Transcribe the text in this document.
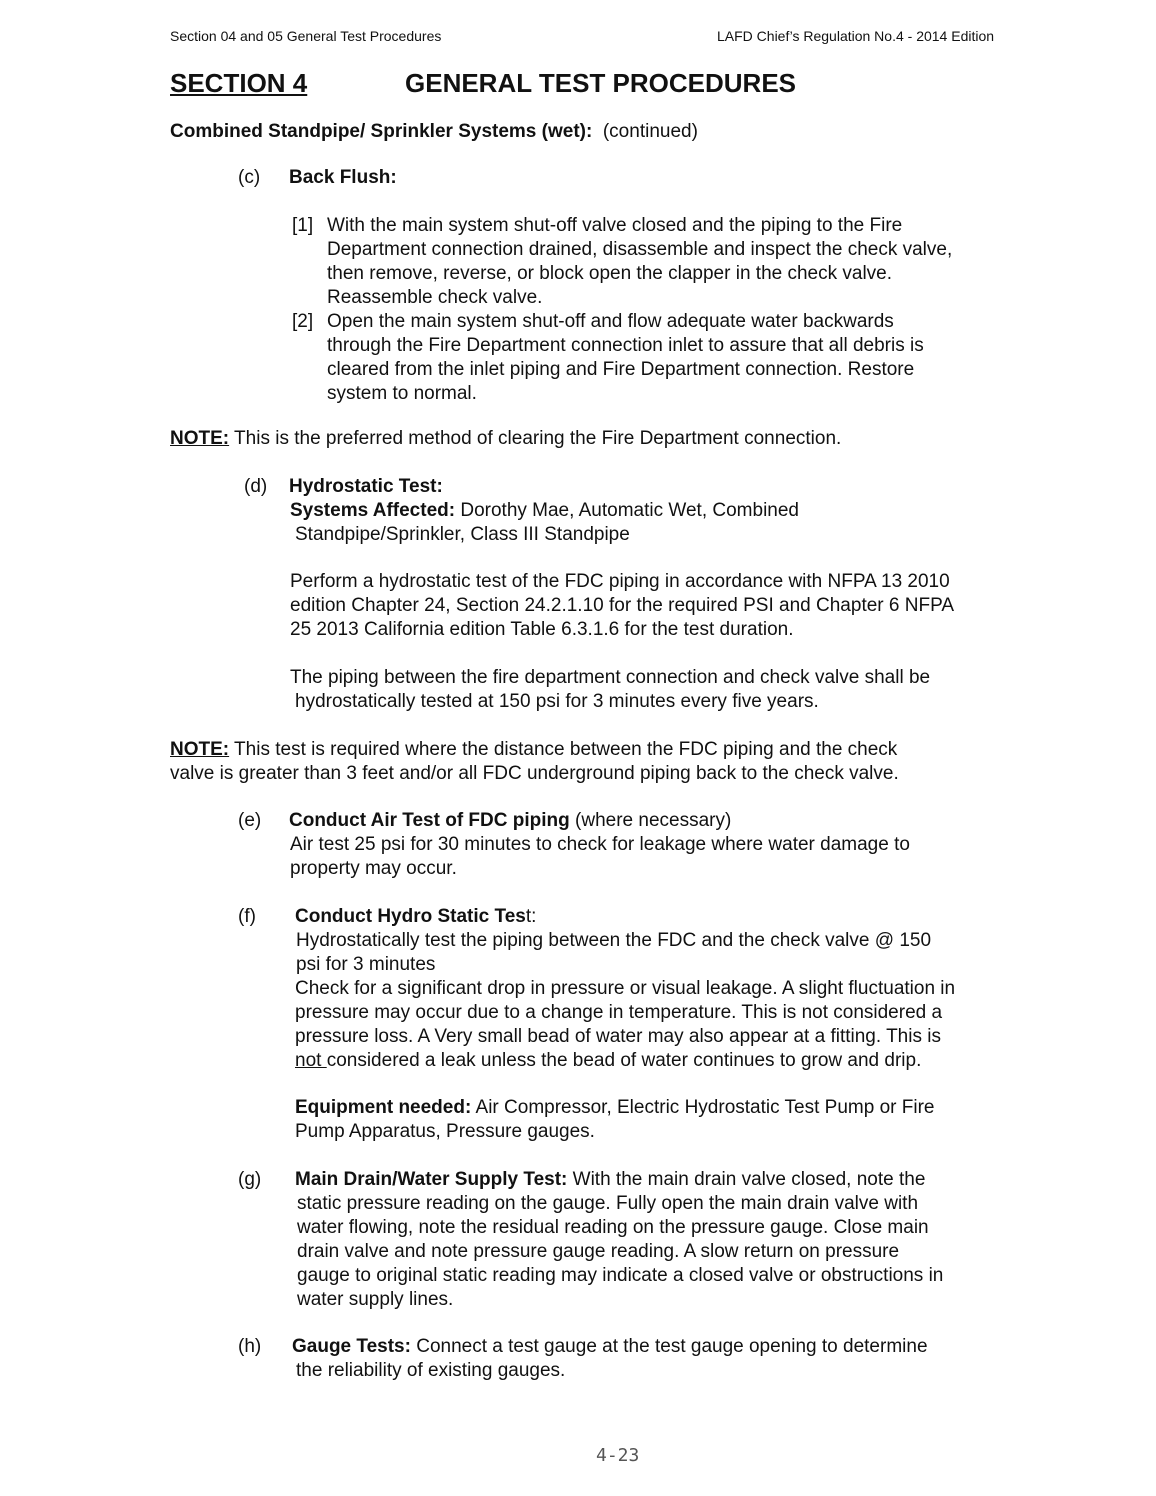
Section 04 and 05 General Test Procedures	LAFD Chief’s Regulation No.4 - 2014 Edition
SECTION 4	GENERAL TEST PROCEDURES
Combined Standpipe/ Sprinkler Systems (wet): (continued)
(c) Back Flush:
[1] With the main system shut-off valve closed and the piping to the Fire
Department connection drained, disassemble and inspect the check valve,
then remove, reverse, or block open the clapper in the check valve.
Reassemble check valve.
[2] Open the main system shut-off and flow adequate water backwards
through the Fire Department connection inlet to assure that all debris is
cleared from the inlet piping and Fire Department connection. Restore
system to normal.
NOTE: This is the preferred method of clearing the Fire Department connection.
(d) Hydrostatic Test:
Systems Affected: Dorothy Mae, Automatic Wet, Combined
Standpipe/Sprinkler, Class III Standpipe
Perform a hydrostatic test of the FDC piping in accordance with NFPA 13 2010
edition Chapter 24, Section 24.2.1.10 for the required PSI and Chapter 6 NFPA
25 2013 California edition Table 6.3.1.6 for the test duration.
The piping between the fire department connection and check valve shall be
hydrostatically tested at 150 psi for 3 minutes every five years.
NOTE: This test is required where the distance between the FDC piping and the check
valve is greater than 3 feet and/or all FDC underground piping back to the check valve.
(e) Conduct Air Test of FDC piping (where necessary)
Air test 25 psi for 30 minutes to check for leakage where water damage to
property may occur.
(f) Conduct Hydro Static Test:
Hydrostatically test the piping between the FDC and the check valve @ 150
psi for 3 minutes
Check for a significant drop in pressure or visual leakage. A slight fluctuation in
pressure may occur due to a change in temperature. This is not considered a
pressure loss. A Very small bead of water may also appear at a fitting. This is
not considered a leak unless the bead of water continues to grow and drip.
Equipment needed: Air Compressor, Electric Hydrostatic Test Pump or Fire
Pump Apparatus, Pressure gauges.
(g) Main Drain/Water Supply Test: With the main drain valve closed, note the
static pressure reading on the gauge. Fully open the main drain valve with
water flowing, note the residual reading on the pressure gauge. Close main
drain valve and note pressure gauge reading. A slow return on pressure
gauge to original static reading may indicate a closed valve or obstructions in
water supply lines.
(h) Gauge Tests: Connect a test gauge at the test gauge opening to determine
the reliability of existing gauges.
4-23
